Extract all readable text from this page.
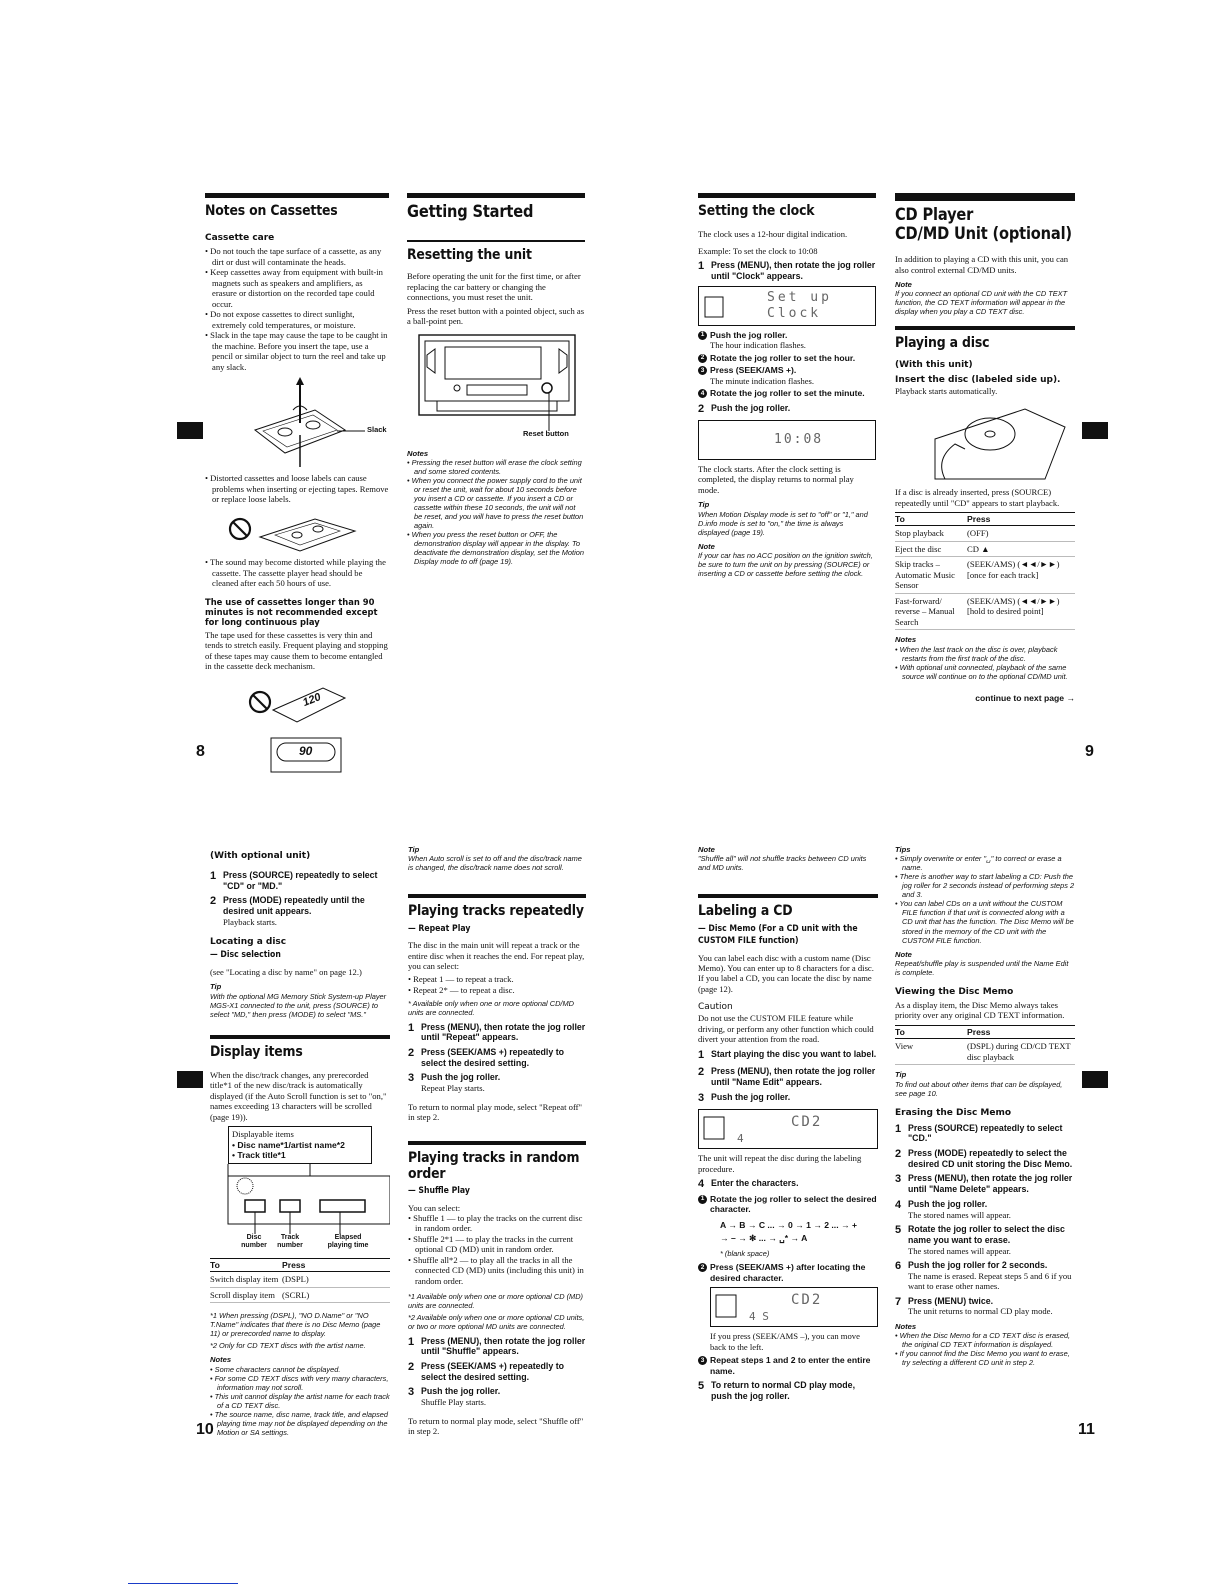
Notes on Cassettes
Cassette care
• Do not touch the tape surface of a cassette, as any dirt or dust will contaminate the heads.
• Keep cassettes away from equipment with built-in magnets such as speakers and amplifiers, as erasure or distortion on the recorded tape could occur.
• Do not expose cassettes to direct sunlight, extremely cold temperatures, or moisture.
• Slack in the tape may cause the tape to be caught in the machine. Before you insert the tape, use a pencil or similar object to turn the reel and take up any slack.
Slack
• Distorted cassettes and loose labels can cause problems when inserting or ejecting tapes. Remove or replace loose labels.
• The sound may become distorted while playing the cassette. The cassette player head should be cleaned after each 50 hours of use.
The use of cassettes longer than 90 minutes is not recommended except for long continuous play

The tape used for these cassettes is very thin and tends to stretch easily. Frequent playing and stopping of these tapes may cause them to become entangled in the cassette deck mechanism.

120
90
Getting Started
Resetting the unit

Before operating the unit for the first time, or after replacing the car battery or changing the connections, you must reset the unit.

Press the reset button with a pointed object, such as a ball-point pen.

Reset button
Notes
• Pressing the reset button will erase the clock setting and some stored contents.
• When you connect the power supply cord to the unit or reset the unit, wait for about 10 seconds before you insert a CD or cassette. If you insert a CD or cassette within these 10 seconds, the unit will not be reset, and you will have to press the reset button again.
• When you press the reset button or OFF, the demonstration display will appear in the display. To deactivate the demonstration display, set the Motion Display mode to off (page 19).
Setting the clock

The clock uses a 12-hour digital indication.

Example: To set the clock to 10:08

1 Press (MENU), then rotate the jog roller until "Clock" appears.
Set up
Clock
1 Push the jog roller.
The hour indication flashes.
2 Rotate the jog roller to set the hour.
3 Press (SEEK/AMS +).
The minute indication flashes.
4 Rotate the jog roller to set the minute.
2 Push the jog roller.
10:08

The clock starts. After the clock setting is completed, the display returns to normal play mode.

Tip

When Motion Display mode is set to "off" or "1," and D.info mode is set to "on," the time is always displayed (page 19).

Note

If your car has no ACC position on the ignition switch, be sure to turn the unit on by pressing (SOURCE) or inserting a CD or cassette before setting the clock.

CD Player
CD/MD Unit (optional)

In addition to playing a CD with this unit, you can also control external CD/MD units.

Note

If you connect an optional CD unit with the CD TEXT function, the CD TEXT information will appear in the display when you play a CD TEXT disc.

Playing a disc
(With this unit)
Insert the disc (labeled side up).

Playback starts automatically.

If a disc is already inserted, press (SOURCE) repeatedly until "CD" appears to start playback.

To	Press
Stop playback	(OFF)
Eject the disc	CD ▲
Skip tracks – Automatic Music Sensor	(SEEK/AMS) (◄◄/►►) [once for each track]
Fast-forward/ reverse – Manual Search	(SEEK/AMS) (◄◄/►►) [hold to desired point]
Notes
• When the last track on the disc is over, playback restarts from the first track of the disc.
• With optional unit connected, playback of the same source will continue on to the optional CD/MD unit.
continue to next page →
8	9
(With optional unit)
1 Press (SOURCE) repeatedly to select "CD" or "MD."
2 Press (MODE) repeatedly until the desired unit appears.
Playback starts.
Locating a disc
— Disc selection

(see "Locating a disc by name" on page 12.)

Tip

With the optional MG Memory Stick System-up Player MGS-X1 connected to the unit, press (SOURCE) to select "MD," then press (MODE) to select "MS."

Display items

When the disc/track changes, any prerecorded title*1 of the new disc/track is automatically displayed (if the Auto Scroll function is set to "on," names exceeding 13 characters will be scrolled (page 19)).

Displayable items
• Disc name*1/artist name*2
• Track title*1
Disc number
Track number
Elapsed playing time
To	Press
Switch display item	(DSPL)
Scroll display item	(SCRL)

*1 When pressing (DSPL), "NO D.Name" or "NO T.Name" indicates that there is no Disc Memo (page 11) or prerecorded name to display.

*2 Only for CD TEXT discs with the artist name.

Notes
• Some characters cannot be displayed.
• For some CD TEXT discs with very many characters, information may not scroll.
• This unit cannot display the artist name for each track of a CD TEXT disc.
• The source name, disc name, track title, and elapsed playing time may not be displayed depending on the Motion or SA settings.
Tip

When Auto scroll is set to off and the disc/track name is changed, the disc/track name does not scroll.

Playing tracks repeatedly
— Repeat Play

The disc in the main unit will repeat a track or the entire disc when it reaches the end. For repeat play, you can select:

• Repeat 1 — to repeat a track.
• Repeat 2* — to repeat a disc.

* Available only when one or more optional CD/MD units are connected.

1 Press (MENU), then rotate the jog roller until "Repeat" appears.
2 Press (SEEK/AMS +) repeatedly to select the desired setting.
3 Push the jog roller.
Repeat Play starts.

To return to normal play mode, select "Repeat off" in step 2.

Playing tracks in random
order
— Shuffle Play

You can select:

• Shuffle 1 — to play the tracks on the current disc in random order.
• Shuffle 2*1 — to play the tracks in the current optional CD (MD) unit in random order.
• Shuffle all*2 — to play all the tracks in all the connected CD (MD) units (including this unit) in random order.

*1 Available only when one or more optional CD (MD) units are connected.

*2 Available only when one or more optional CD units, or two or more optional MD units are connected.

1 Press (MENU), then rotate the jog roller until "Shuffle" appears.
2 Press (SEEK/AMS +) repeatedly to select the desired setting.
3 Push the jog roller.
Shuffle Play starts.

To return to normal play mode, select "Shuffle off" in step 2.

Note

"Shuffle all" will not shuffle tracks between CD units and MD units.

Labeling a CD
— Disc Memo (For a CD unit with the
CUSTOM FILE function)

You can label each disc with a custom name (Disc Memo). You can enter up to 8 characters for a disc. If you label a CD, you can locate the disc by name (page 12).

Caution

Do not use the CUSTOM FILE feature while driving, or perform any other function which could divert your attention from the road.

1 Start playing the disc you want to label.
2 Press (MENU), then rotate the jog roller until "Name Edit" appears.
3 Push the jog roller.
CD2
4

The unit will repeat the disc during the labeling procedure.

4 Enter the characters.
1 Rotate the jog roller to select the desired character.
A → B → C ... → 0 → 1 → 2 ... → +
→ – → ✻ ... → ␣* → A

* (blank space)

2 Press (SEEK/AMS +) after locating the desired character.
CD2
4 S

If you press (SEEK/AMS –), you can move back to the left.

3 Repeat steps 1 and 2 to enter the entire name.
5 To return to normal CD play mode, push the jog roller.
Tips
• Simply overwrite or enter "␣" to correct or erase a name.
• There is another way to start labeling a CD: Push the jog roller for 2 seconds instead of performing steps 2 and 3.
• You can label CDs on a unit without the CUSTOM FILE function if that unit is connected along with a CD unit that has the function. The Disc Memo will be stored in the memory of the CD unit with the CUSTOM FILE function.
Note

Repeat/shuffle play is suspended until the Name Edit is complete.

Viewing the Disc Memo

As a display item, the Disc Memo always takes priority over any original CD TEXT information.

To	Press
View	(DSPL) during CD/CD TEXT disc playback
Tip

To find out about other items that can be displayed, see page 10.

Erasing the Disc Memo
1 Press (SOURCE) repeatedly to select "CD."
2 Press (MODE) repeatedly to select the desired CD unit storing the Disc Memo.
3 Press (MENU), then rotate the jog roller until "Name Delete" appears.
4 Push the jog roller.
The stored names will appear.
5 Rotate the jog roller to select the disc name you want to erase.
The stored names will appear.
6 Push the jog roller for 2 seconds.
The name is erased. Repeat steps 5 and 6 if you want to erase other names.
7 Press (MENU) twice.
The unit returns to normal CD play mode.
Notes
• When the Disc Memo for a CD TEXT disc is erased, the original CD TEXT information is displayed.
• If you cannot find the Disc Memo you want to erase, try selecting a different CD unit in step 2.
10	11
